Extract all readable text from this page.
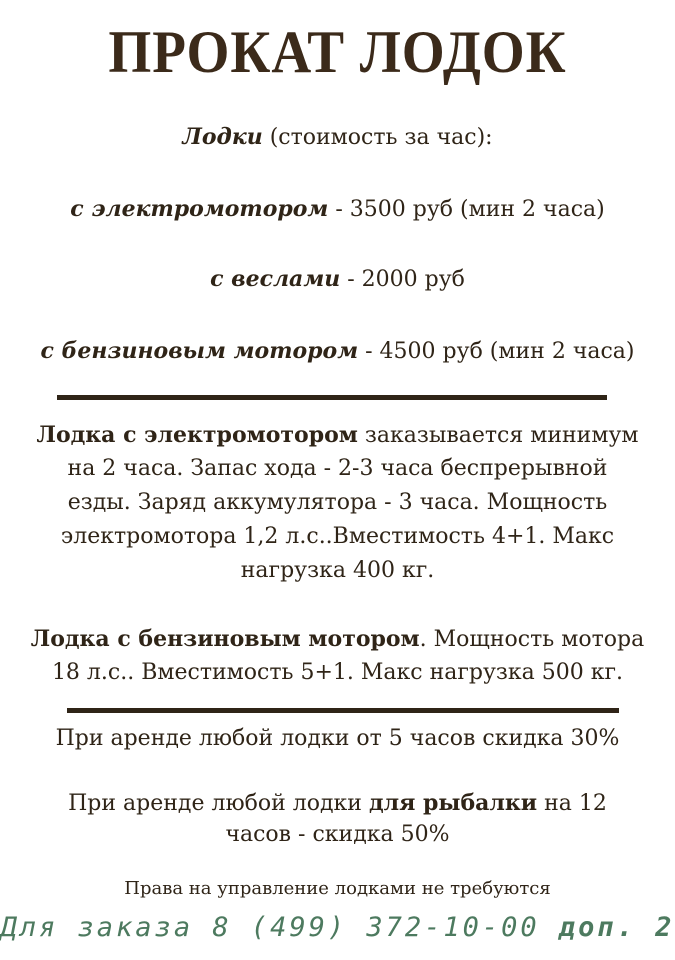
ПРОКАТ ЛОДОК
Лодки (стоимость за час):
с электромотором - 3500 руб (мин 2 часа)
с веслами - 2000 руб
с бензиновым мотором - 4500 руб (мин 2 часа)
Лодка с электромотором заказывается минимум
на 2 часа. Запас хода - 2-3 часа беспрерывной
езды. Заряд аккумулятора - 3 часа. Мощность
электромотора 1,2 л.с..Вместимость 4+1. Макс
нагрузка 400 кг.
Лодка с бензиновым мотором. Мощность мотора
18 л.с.. Вместимость 5+1. Макс нагрузка 500 кг.
При аренде любой лодки от 5 часов скидка 30%
При аренде любой лодки для рыбалки на 12
часов - скидка 50%
Права на управление лодками не требуются
Для заказа 8 (499) 372-10-00 доп. 2
